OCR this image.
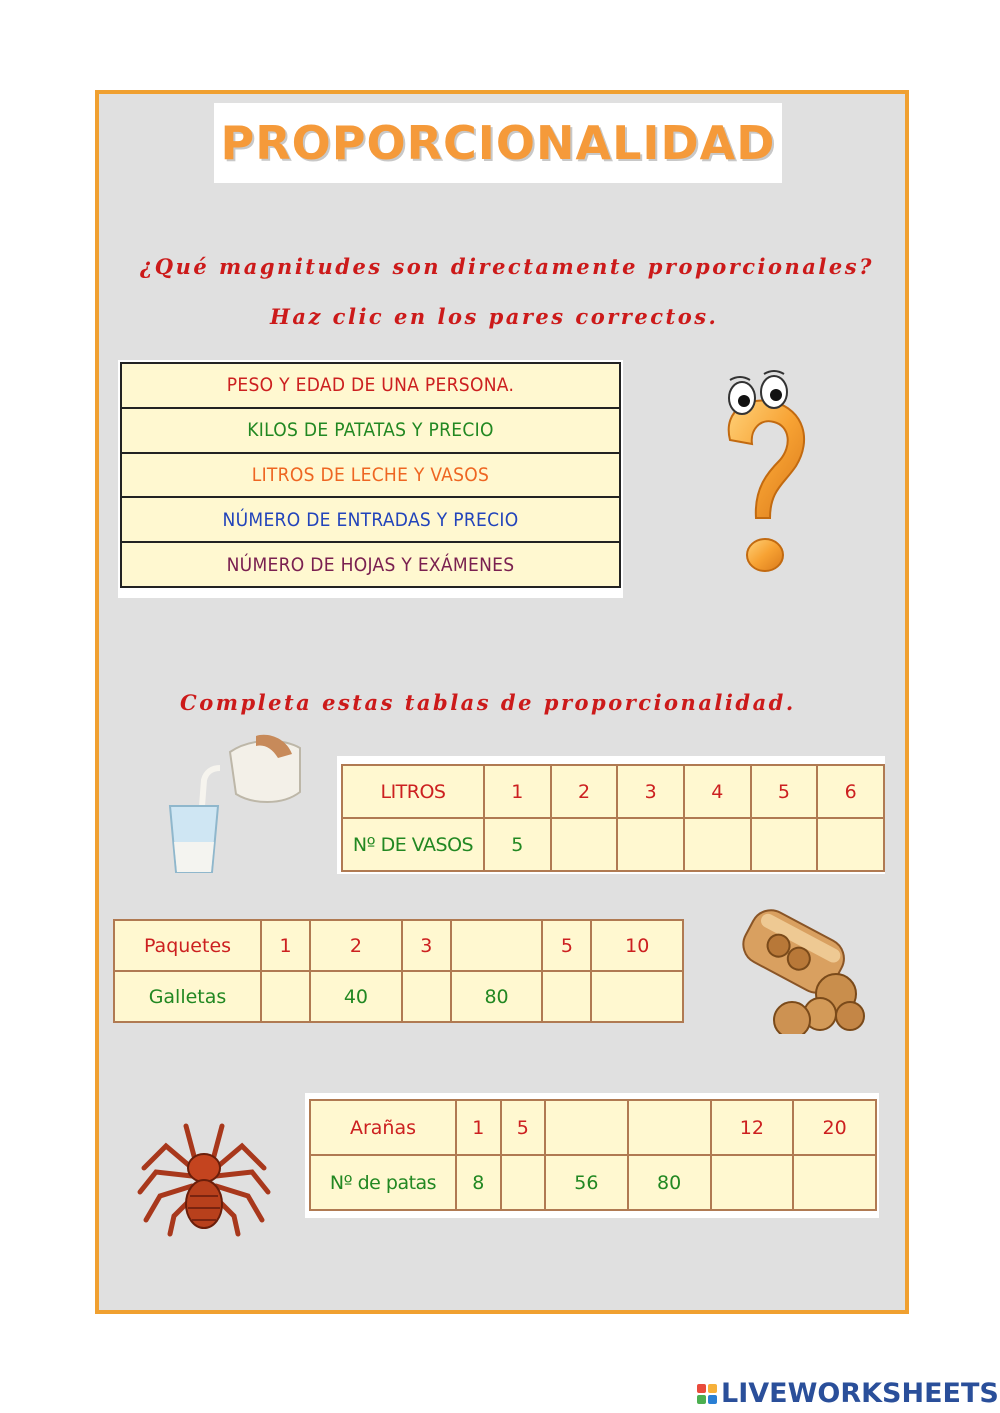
PROPORCIONALIDAD
¿Qué magnitudes son directamente proporcionales?
Haz clic en los pares correctos.
PESO Y EDAD DE UNA PERSONA.
KILOS DE PATATAS Y PRECIO
LITROS DE LECHE Y VASOS
NÚMERO DE ENTRADAS Y PRECIO
NÚMERO DE HOJAS Y EXÁMENES
Completa estas tablas de proporcionalidad.
LITROS	1	2	3	4	5	6
Nº DE VASOS	5					
Paquetes	1	2	3		5	10
Galletas		40		80		
Arañas	1	5			12	20
Nº de patas	8		56	80		
LIVEWORKSHEETS
